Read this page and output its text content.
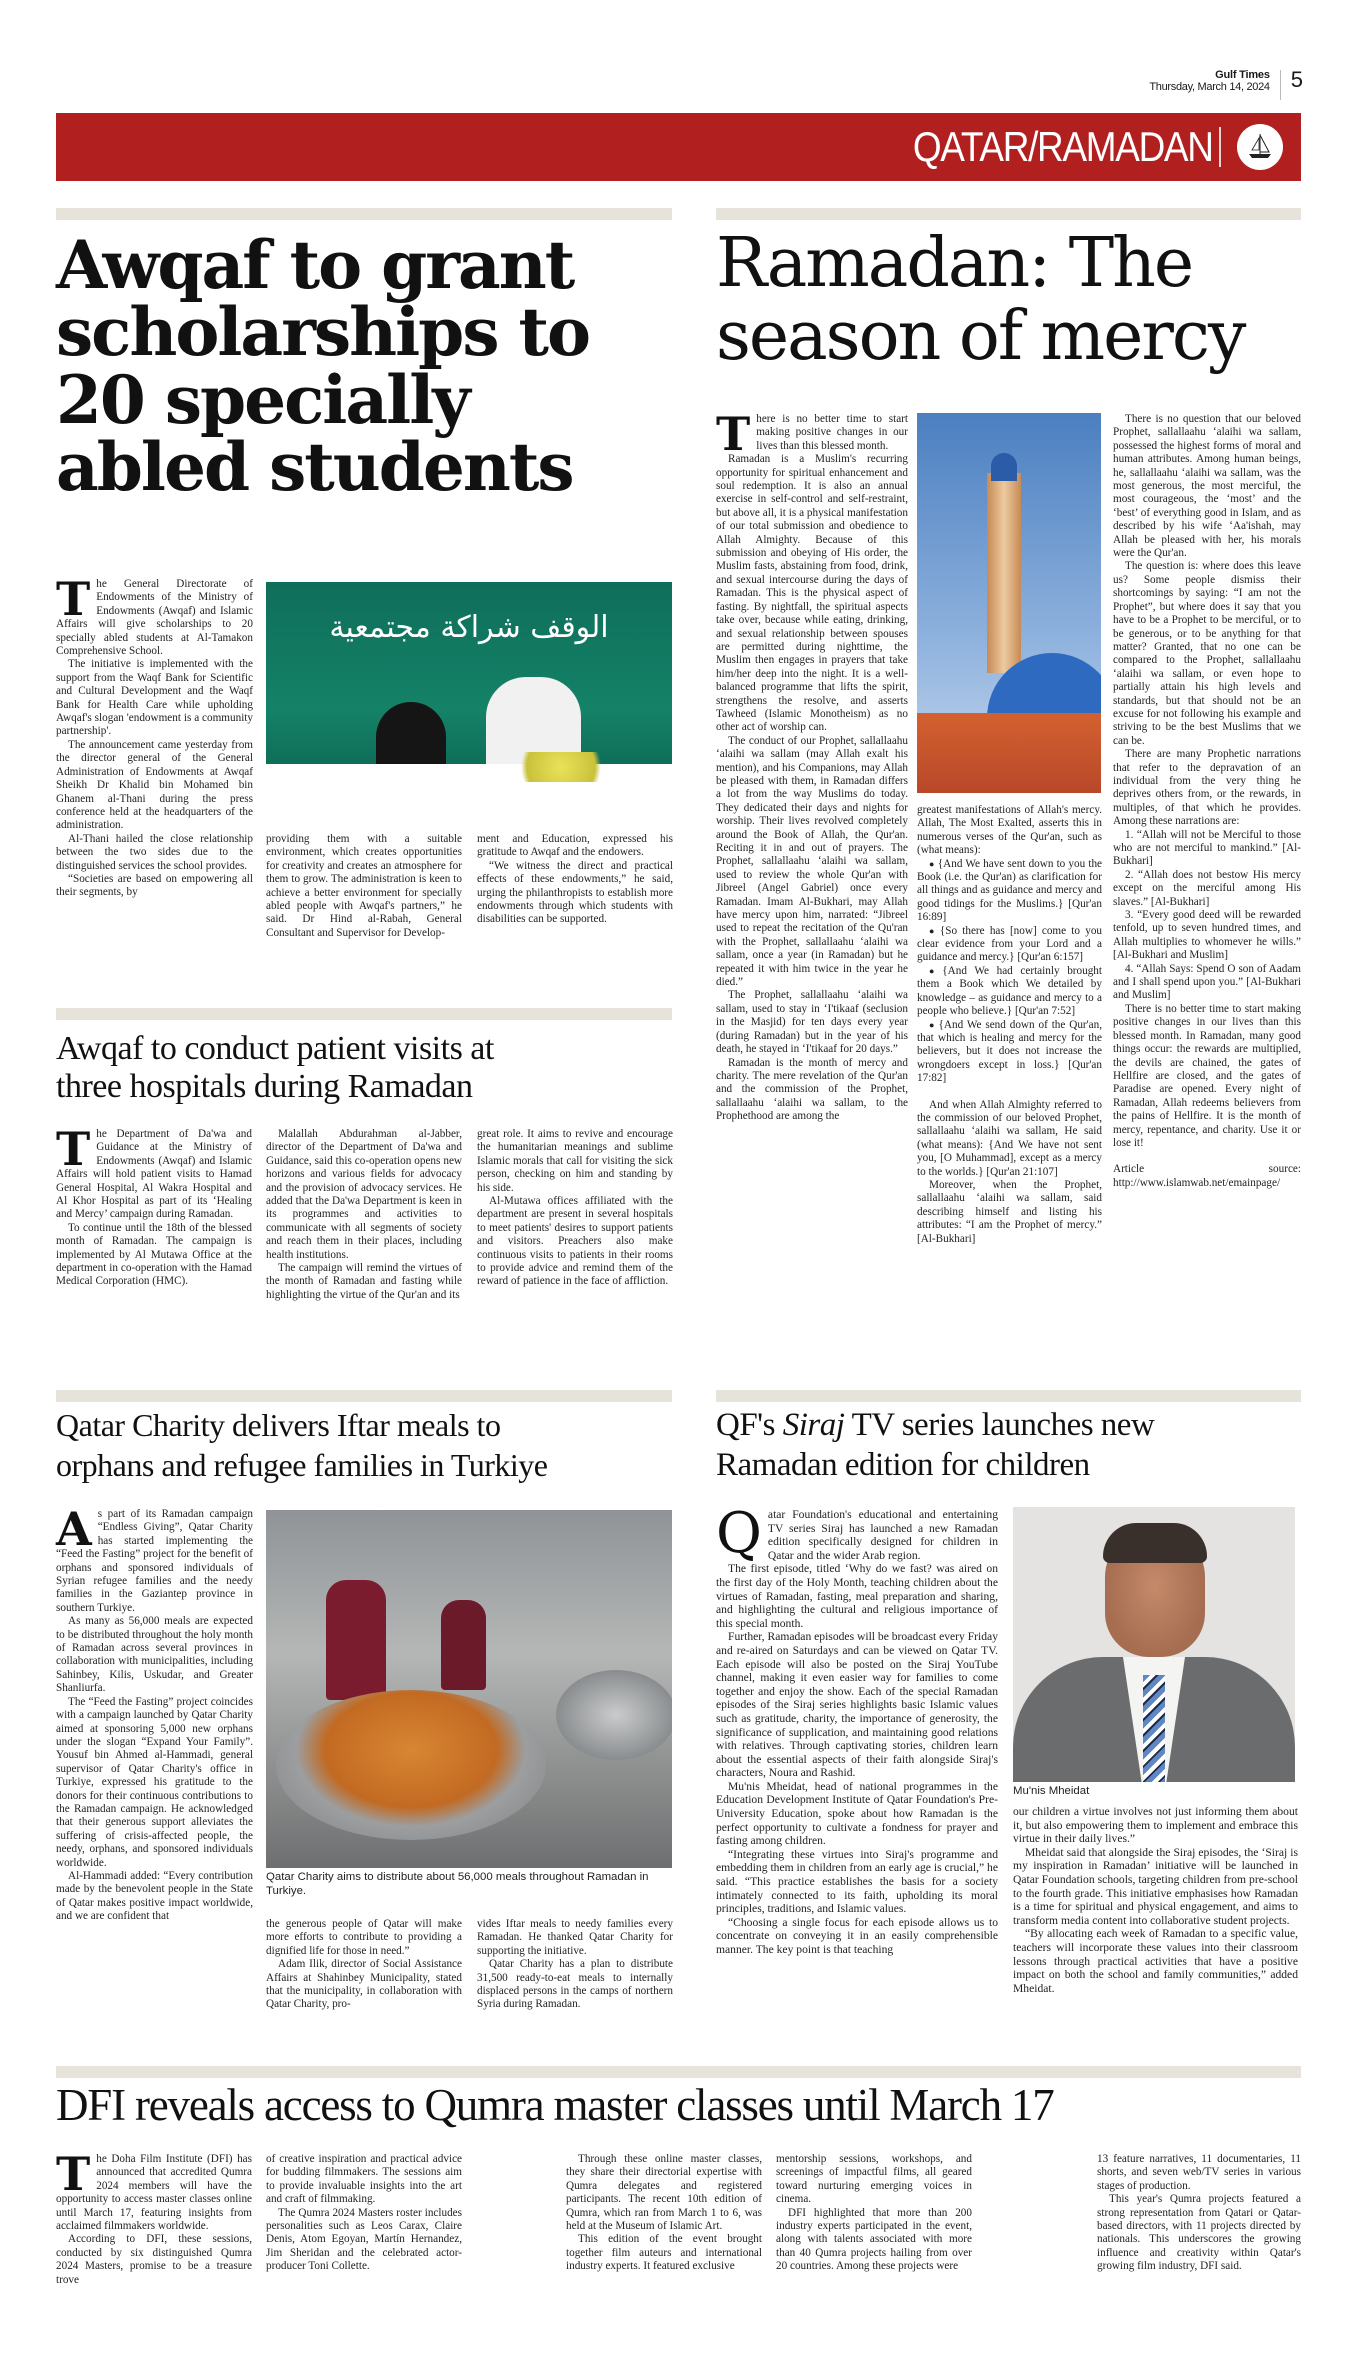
Gulf Times
Thursday, March 14, 2024 5
QATAR/RAMADAN
Awqaf to grant scholarships to 20 specially abled students

The General Directorate of Endowments of the Ministry of Endowments (Awqaf) and Islamic Affairs will give scholarships to 20 specially abled students at Al-Tamakon Comprehensive School.

The initiative is implemented with the support from the Waqf Bank for Scientific and Cultural Development and the Waqf Bank for Health Care while upholding Awqaf's slogan 'endowment is a community partnership'.

The announcement came yesterday from the director general of the General Administration of Endowments at Awqaf Sheikh Dr Khalid bin Mohamed bin Ghanem al-Thani during the press conference held at the headquarters of the administration.

Al-Thani hailed the close relationship between the two sides due to the distinguished services the school provides.

“Societies are based on empowering all their segments, by

الوقف شراكة مجتمعية

providing them with a suitable environment, which creates opportunities for creativity and creates an atmosphere for them to grow. The administration is keen to achieve a better environment for specially abled people with Awqaf's partners,” he said. Dr Hind al-Rabah, General Consultant and Supervisor for Develop-

ment and Education, expressed his gratitude to Awqaf and the endowers.

“We witness the direct and practical effects of these endowments,” he said, urging the philanthropists to establish more endowments through which students with disabilities can be supported.

Ramadan: The season of mercy

There is no better time to start making positive changes in our lives than this blessed month.

Ramadan is a Muslim's recurring opportunity for spiritual enhancement and soul redemption. It is also an annual exercise in self-control and self-restraint, but above all, it is a physical manifestation of our total submission and obedience to Allah Almighty. Because of this submission and obeying of His order, the Muslim fasts, abstaining from food, drink, and sexual intercourse during the days of Ramadan. This is the physical aspect of fasting. By nightfall, the spiritual aspects take over, because while eating, drinking, and sexual relationship between spouses are permitted during nighttime, the Muslim then engages in prayers that take him/her deep into the night. It is a well-balanced programme that lifts the spirit, strengthens the resolve, and asserts Tawheed (Islamic Monotheism) as no other act of worship can.

The conduct of our Prophet, sallallaahu ‘alaihi wa sallam (may Allah exalt his mention), and his Companions, may Allah be pleased with them, in Ramadan differs a lot from the way Muslims do today. They dedicated their days and nights for worship. Their lives revolved completely around the Book of Allah, the Qur'an. Reciting it in and out of prayers. The Prophet, sallallaahu ‘alaihi wa sallam, used to review the whole Qur'an with Jibreel (Angel Gabriel) once every Ramadan. Imam Al-Bukhari, may Allah have mercy upon him, narrated: “Jibreel used to repeat the recitation of the Qu'ran with the Prophet, sallallaahu ‘alaihi wa sallam, once a year (in Ramadan) but he repeated it with him twice in the year he died.”

The Prophet, sallallaahu ‘alaihi wa sallam, used to stay in ‘I'tikaaf (seclusion in the Masjid) for ten days every year (during Ramadan) but in the year of his death, he stayed in ‘I'tikaaf for 20 days.”

Ramadan is the month of mercy and charity. The mere revelation of the Qur'an and the commission of the Prophet, sallallaahu ‘alaihi wa sallam, to the Prophethood are among the

greatest manifestations of Allah's mercy. Allah, The Most Exalted, asserts this in numerous verses of the Qur'an, such as (what means):

● {And We have sent down to you the Book (i.e. the Qur'an) as clarification for all things and as guidance and mercy and good tidings for the Muslims.} [Qur'an 16:89]

● {So there has [now] come to you clear evidence from your Lord and a guidance and mercy.} [Qur'an 6:157]

● {And We had certainly brought them a Book which We detailed by knowledge – as guidance and mercy to a people who believe.} [Qur'an 7:52]

● {And We send down of the Qur'an, that which is healing and mercy for the believers, but it does not increase the wrongdoers except in loss.} [Qur'an 17:82]

And when Allah Almighty referred to the commission of our beloved Prophet, sallallaahu ‘alaihi wa sallam, He said (what means): {And We have not sent you, [O Muhammad], except as a mercy to the worlds.} [Qur'an 21:107]

Moreover, when the Prophet, sallallaahu ‘alaihi wa sallam, said describing himself and listing his attributes: “I am the Prophet of mercy.” [Al-Bukhari]

There is no question that our beloved Prophet, sallallaahu ‘alaihi wa sallam, possessed the highest forms of moral and human attributes. Among human beings, he, sallallaahu ‘alaihi wa sallam, was the most generous, the most merciful, the most courageous, the ‘most’ and the ‘best’ of everything good in Islam, and as described by his wife ‘Aa'ishah, may Allah be pleased with her, his morals were the Qur'an.

The question is: where does this leave us? Some people dismiss their shortcomings by saying: “I am not the Prophet”, but where does it say that you have to be a Prophet to be merciful, or to be generous, or to be anything for that matter? Granted, that no one can be compared to the Prophet, sallallaahu ‘alaihi wa sallam, or even hope to partially attain his high levels and standards, but that should not be an excuse for not following his example and striving to be the best Muslims that we can be.

There are many Prophetic narrations that refer to the depravation of an individual from the very thing he deprives others from, or the rewards, in multiples, of that which he provides. Among these narrations are:

1. “Allah will not be Merciful to those who are not merciful to mankind.” [Al-Bukhari]

2. “Allah does not bestow His mercy except on the merciful among His slaves.” [Al-Bukhari]

3. “Every good deed will be rewarded tenfold, up to seven hundred times, and Allah multiplies to whomever he wills.” [Al-Bukhari and Muslim]

4. “Allah Says: Spend O son of Aadam and I shall spend upon you.” [Al-Bukhari and Muslim]

There is no better time to start making positive changes in our lives than this blessed month. In Ramadan, many good things occur: the rewards are multiplied, the devils are chained, the gates of Hellfire are closed, and the gates of Paradise are opened. Every night of Ramadan, Allah redeems believers from the pains of Hellfire. It is the month of mercy, repentance, and charity. Use it or lose it!

Article source: http://www.islamwab.net/emainpage/

Awqaf to conduct patient visits at
three hospitals during Ramadan

The Department of Da'wa and Guidance at the Ministry of Endowments (Awqaf) and Islamic Affairs will hold patient visits to Hamad General Hospital, Al Wakra Hospital and Al Khor Hospital as part of its ‘Healing and Mercy’ campaign during Ramadan.

To continue until the 18th of the blessed month of Ramadan. The campaign is implemented by Al Mutawa Office at the department in co-operation with the Hamad Medical Corporation (HMC).

Malallah Abdurahman al-Jabber, director of the Department of Da'wa and Guidance, said this co-operation opens new horizons and various fields for advocacy and the provision of advocacy services. He added that the Da'wa Department is keen in its programmes and activities to communicate with all segments of society and reach them in their places, including health institutions.

The campaign will remind the virtues of the month of Ramadan and fasting while highlighting the virtue of the Qur'an and its

great role. It aims to revive and encourage the humanitarian meanings and sublime Islamic morals that call for visiting the sick person, checking on him and standing by his side.

Al-Mutawa offices affiliated with the department are present in several hospitals to meet patients' desires to support patients and visitors. Preachers also make continuous visits to patients in their rooms to provide advice and remind them of the reward of patience in the face of affliction.

Qatar Charity delivers Iftar meals to
orphans and refugee families in Turkiye

As part of its Ramadan campaign “Endless Giving”, Qatar Charity has started implementing the “Feed the Fasting” project for the benefit of orphans and sponsored individuals of Syrian refugee families and the needy families in the Gaziantep province in southern Turkiye.

As many as 56,000 meals are expected to be distributed throughout the holy month of Ramadan across several provinces in collaboration with municipalities, including Sahinbey, Kilis, Uskudar, and Greater Shanliurfa.

The “Feed the Fasting” project coincides with a campaign launched by Qatar Charity aimed at sponsoring 5,000 new orphans under the slogan “Expand Your Family”. Yousuf bin Ahmed al-Hammadi, general supervisor of Qatar Charity's office in Turkiye, expressed his gratitude to the donors for their continuous contributions to the Ramadan campaign. He acknowledged that their generous support alleviates the suffering of crisis-affected people, the needy, orphans, and sponsored individuals worldwide.

Al-Hammadi added: “Every contribution made by the benevolent people in the State of Qatar makes positive impact worldwide, and we are confident that

Qatar Charity aims to distribute about 56,000 meals throughout Ramadan in Turkiye.

the generous people of Qatar will make more efforts to contribute to providing a dignified life for those in need.”

Adam Ilik, director of Social Assistance Affairs at Shahinbey Municipality, stated that the municipality, in collaboration with Qatar Charity, pro-

vides Iftar meals to needy families every Ramadan. He thanked Qatar Charity for supporting the initiative.

Qatar Charity has a plan to distribute 31,500 ready-to-eat meals to internally displaced persons in the camps of northern Syria during Ramadan.

QF's Siraj TV series launches new
Ramadan edition for children

Qatar Foundation's educational and entertaining TV series Siraj has launched a new Ramadan edition specifically designed for children in Qatar and the wider Arab region.

The first episode, titled ‘Why do we fast? was aired on the first day of the Holy Month, teaching children about the virtues of Ramadan, fasting, meal preparation and sharing, and highlighting the cultural and religious importance of this special month.

Further, Ramadan episodes will be broadcast every Friday and re-aired on Saturdays and can be viewed on Qatar TV. Each episode will also be posted on the Siraj YouTube channel, making it even easier way for families to come together and enjoy the show. Each of the special Ramadan episodes of the Siraj series highlights basic Islamic values such as gratitude, charity, the importance of generosity, the significance of supplication, and maintaining good relations with relatives. Through captivating stories, children learn about the essential aspects of their faith alongside Siraj's characters, Noura and Rashid.

Mu'nis Mheidat, head of national programmes in the Education Development Institute of Qatar Foundation's Pre-University Education, spoke about how Ramadan is the perfect opportunity to cultivate a fondness for prayer and fasting among children.

“Integrating these virtues into Siraj's programme and embedding them in children from an early age is crucial,” he said. “This practice establishes the basis for a society intimately connected to its faith, upholding its moral principles, traditions, and Islamic values.

“Choosing a single focus for each episode allows us to concentrate on conveying it in an easily comprehensible manner. The key point is that teaching

Mu'nis Mheidat

our children a virtue involves not just informing them about it, but also empowering them to implement and embrace this virtue in their daily lives.”

Mheidat said that alongside the Siraj episodes, the ‘Siraj is my inspiration in Ramadan’ initiative will be launched in Qatar Foundation schools, targeting children from pre-school to the fourth grade. This initiative emphasises how Ramadan is a time for spiritual and physical engagement, and aims to transform media content into collaborative student projects.

“By allocating each week of Ramadan to a specific value, teachers will incorporate these values into their classroom lessons through practical activities that have a positive impact on both the school and family communities,” added Mheidat.

DFI reveals access to Qumra master classes until March 17

The Doha Film Institute (DFI) has announced that accredited Qumra 2024 members will have the opportunity to access master classes online until March 17, featuring insights from acclaimed filmmakers worldwide.

According to DFI, these sessions, conducted by six distinguished Qumra 2024 Masters, promise to be a treasure trove

of creative inspiration and practical advice for budding filmmakers. The sessions aim to provide invaluable insights into the art and craft of filmmaking.

The Qumra 2024 Masters roster includes personalities such as Leos Carax, Claire Denis, Atom Egoyan, Martín Hernandez, Jim Sheridan and the celebrated actor-producer Toni Collette.

Through these online master classes, they share their directorial expertise with Qumra delegates and registered participants. The recent 10th edition of Qumra, which ran from March 1 to 6, was held at the Museum of Islamic Art.

This edition of the event brought together film auteurs and international industry experts. It featured exclusive

mentorship sessions, workshops, and screenings of impactful films, all geared toward nurturing emerging voices in cinema.

DFI highlighted that more than 200 industry experts participated in the event, along with talents associated with more than 40 Qumra projects hailing from over 20 countries. Among these projects were

13 feature narratives, 11 documentaries, 11 shorts, and seven web/TV series in various stages of production.

This year's Qumra projects featured a strong representation from Qatari or Qatar-based directors, with 11 projects directed by nationals. This underscores the growing influence and creativity within Qatar's growing film industry, DFI said.
